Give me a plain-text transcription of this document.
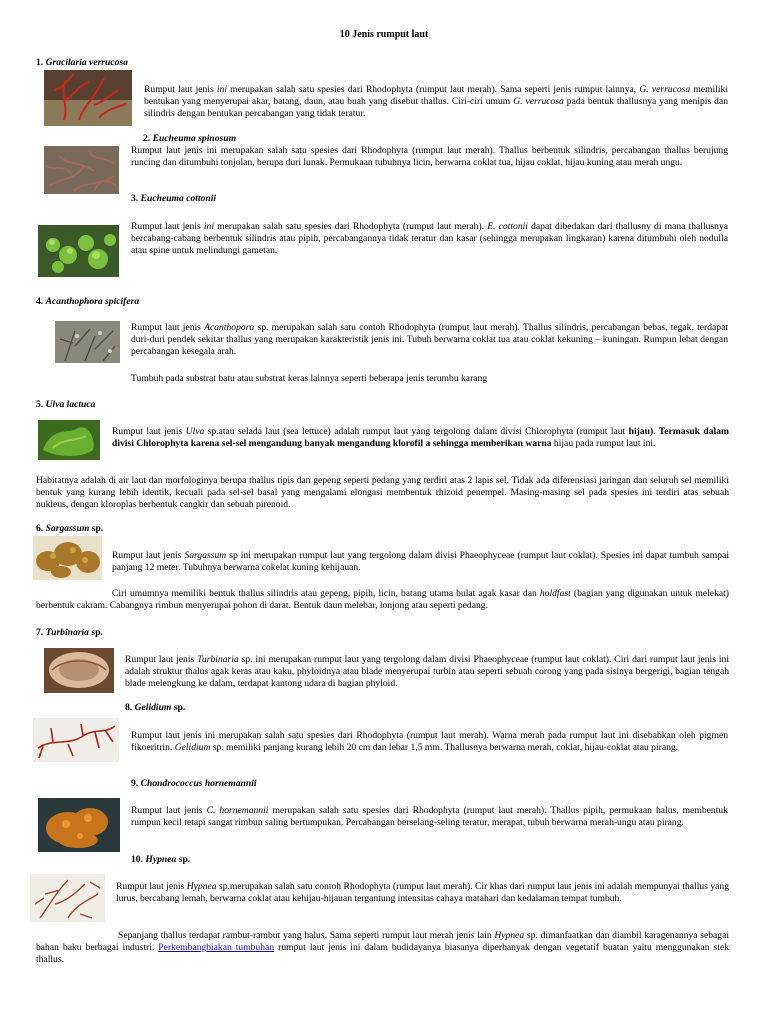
10 Jenis rumput laut
1. Gracilaria verrucosa
Rumput laut jenis ini merupakan salah satu spesies dari Rhodophyta (rumput laut merah). Sama seperti jenis rumput lainnya, G. verrucosa memiliki bentukan yang menyerupai akar, batang, daun, atau buah yang disebut thallus. Ciri-ciri umum G. verrucosa pada bentuk thallusnya yang menipis dan silindris dengan bentukan percabangan yang tidak teratur.
2. Eucheuma spinosum
Rumput laut jenis ini merupakan salah satu spesies dari Rhodophyta (rumput laut merah). Thallus berbentuk silindris, percabangan thallus berujung runcing dan ditumbuhi tonjolan, berupa duri lunak. Permukaan tubuhnya licin, berwarna coklat tua, hijau coklat, hijau kuning atau merah ungu.
3. Eucheuma cottonii
Rumput laut jenis ini merupakan salah satu spesies dari Rhodophyta (rumput laut merah). E. cottonii dapat dibedakan dari thallusny di mana thallusnya bercabang-cabang berbentuk silindris atau pipih, percabangannya tidak teratur dan kasar (sehingga merupakan lingkaran) karena ditumbuhi oleh nodulla atau spine untuk melindungi gametan.
4. Acanthophora spicifera
Rumput laut jenis Acanthopora sp. merupakan salah satu contoh Rhodophyta (rumput laut merah). Thallus silindris, percabangan bebas, tegak, terdapat duri-duri pendek sekitar thallus yang merupakan karakteristik jenis ini. Tubuh berwarna coklat tua atau coklat kekuning – kuningan. Rumpun lebat dengan percabangan kesegala arah.
Tumbuh pada substrat batu atau substrat keras lainnya seperti beberapa jenis terumbu karang
5. Ulva lactuca
Rumput laut jenis Ulva sp.atau selada laut (sea lettuce) adalah rumput laut yang tergolong dalam divisi Chlorophyta (rumput laut hijau). Termasuk dalam divisi Chlorophyta karena sel-sel mengandung banyak mengandung klorofil a sehingga memberikan warna hijau pada rumput laut ini.
Habitatnya adalah di air laut dan morfologinya berupa thallus tipis dan gepeng seperti pedang yang terdiri atas 2 lapis sel. Tidak ada diferensiasi jaringan dan seluruh sel memiliki bentuk yang kurang lebih identik, kecuali pada sel-sel basal yang mengalami elongasi membentuk rhizoid penempel. Masing-masing sel pada spesies ini terdiri atas sebuah nukleus, dengan kloroplas berbentuk cangkir dan sebuah pirenoid.
6. Sargassum sp.
Rumput laut jenis Sargassum sp ini merupakan rumput laut yang tergolong dalam divisi Phaeophyceae (rumput laut coklat). Spesies ini dapat tumbuh sampai panjang 12 meter. Tubuhnya berwarna cokelat kuning kehijauan.
Ciri umumnya memiliki bentuk thallus silindris atau gepeng, pipih, licin, batang utama bulat agak kasar dan holdfast (bagian yang digunakan untuk melekat) berbentuk cakram. Cabangnya rimbun menyerupai pohon di darat. Bentuk daun melebar, lonjong atau seperti pedang.
7. Turbinaria sp.
Rumput laut jenis Turbinaria sp. ini merupakan rumput laut yang tergolong dalam divisi Phaeophyceae (rumput laut coklat). Ciri dari rumput laut jenis ini adalah struktur thalus agak keras atau kaku, phyloidnya atau blade menyerupai turbin atau seperti sebuah corong yang pada sisinya bergerigi, bagian tengah blade melengkung ke dalam, terdapat kantong udara di bagian phyloid.
8. Gelidium sp.
Rumput laut jenis ini merupakan salah satu spesies dari Rhodophyta (rumput laut merah). Warna merah pada rumput laut ini disebabkan oleh pigmen fikoeritrin. Gelidium sp. memiliki panjang kurang lebih 20 cm dan lebar 1,5 mm. Thallusnya berwarna merah, coklat, hijau-coklat atau pirang.
9. Chondrococcus hornemannii
Rumput laut jenis C. hornemannii merupakan salah satu spesies dari Rhodophyta (rumput laut merah). Thallus pipih, permukaan halus, membentuk rumpun kecil tetapi sangat rimbun saling bertumpukan. Percabangan berselang-seling teratur, merapat, tubuh berwarna merah-ungu atau pirang.
10. Hypnea sp.
Rumput laut jenis Hypnea sp.merupakan salah satu contoh Rhodophyta (rumput laut merah). Cir khas dari rumput laut jenis ini adalah mempunyai thallus yang lurus, bercabang lemah, berwarna coklat atau kehijau-hijauan tergantung intensitas cahaya matahari dan kedalaman tempat tumbuh.
Sepanjang thallus terdapat rambut-rambut yang halus. Sama seperti rumput laut merah jenis lain Hypnea sp. dimanfaatkan dan diambil karagenannya sebagai bahan baku berbagai industri. Perkembangbiakan tumbuhan rumput laut jenis ini dalam budidayanya biasanya diperbanyak dengan vegetatif buatan yaitu menggunakan stek thallus.
